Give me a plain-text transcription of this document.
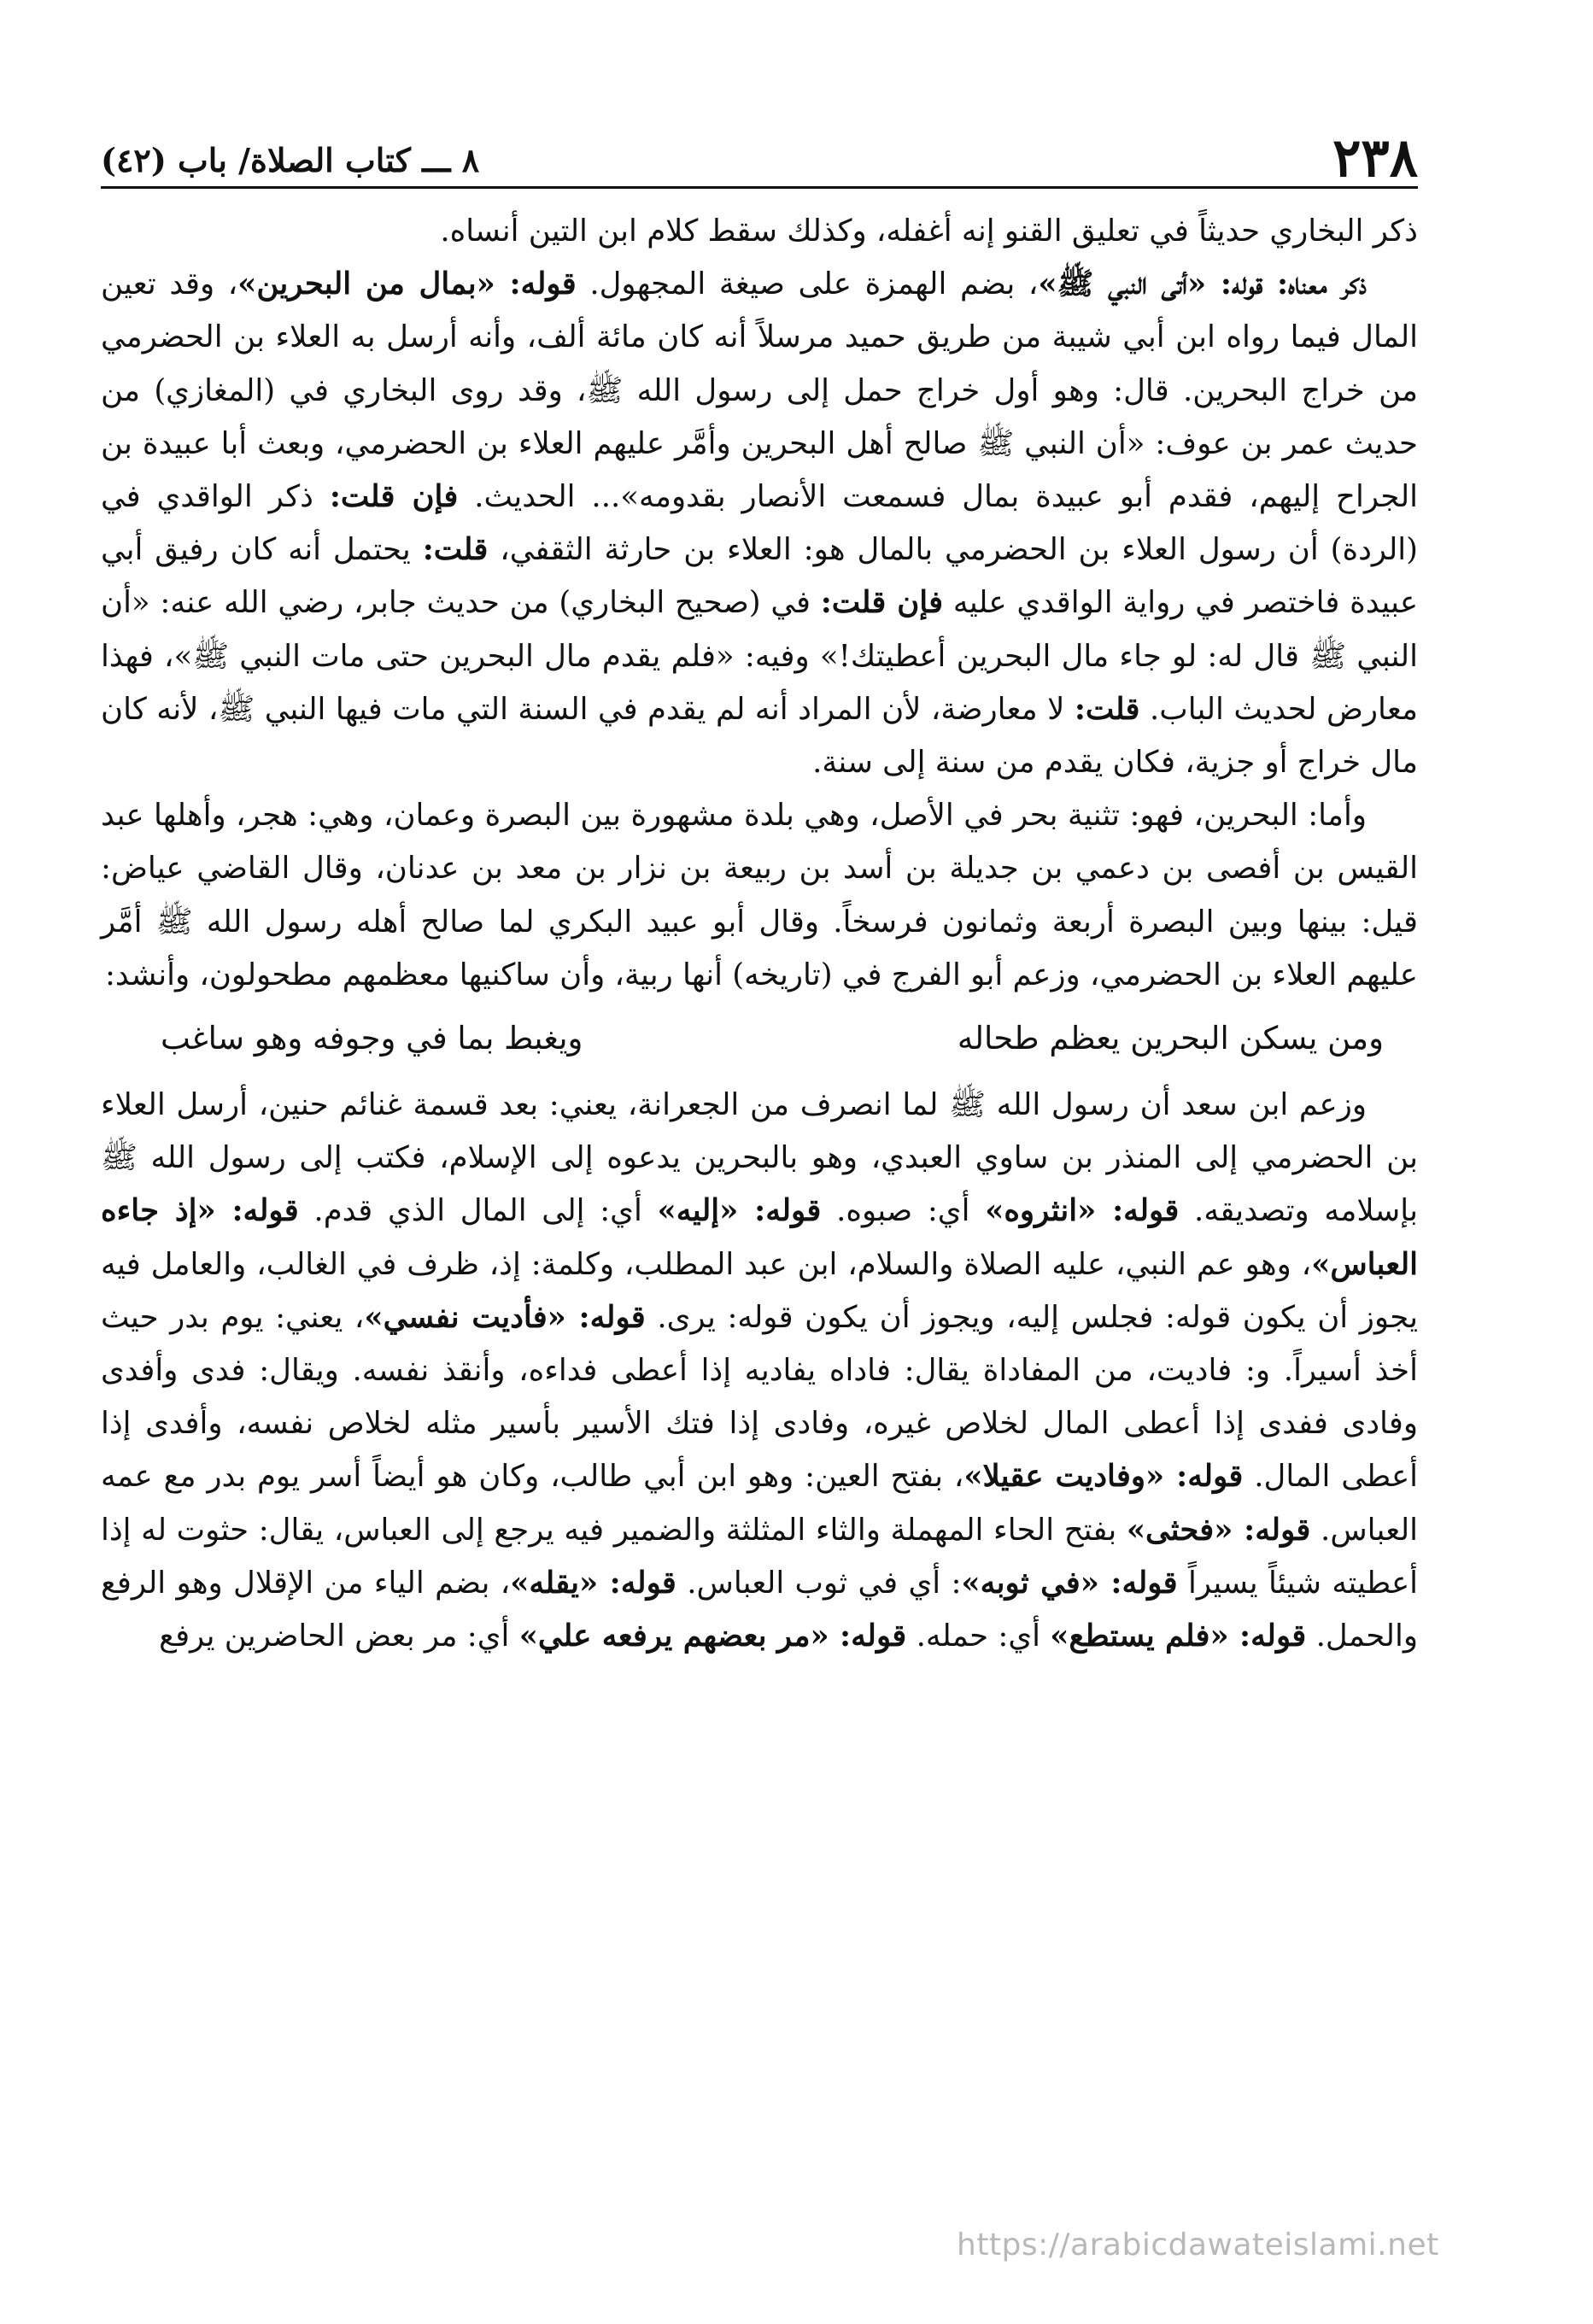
٢٣٨
٨ ـــ كتاب الصلاة/ باب (٤٢)

ذكر البخاري حديثاً في تعليق القنو إنه أغفله، وكذلك سقط كلام ابن التين أنساه.

ذكر معناه: قوله: «أتى النبي ﷺ»، بضم الهمزة على صيغة المجهول. قوله: «بمال من البحرين»، وقد تعين المال فيما رواه ابن أبي شيبة من طريق حميد مرسلاً أنه كان مائة ألف، وأنه أرسل به العلاء بن الحضرمي من خراج البحرين. قال: وهو أول خراج حمل إلى رسول الله ﷺ، وقد روى البخاري في (المغازي) من حديث عمر بن عوف: «أن النبي ﷺ صالح أهل البحرين وأمَّر عليهم العلاء بن الحضرمي، وبعث أبا عبيدة بن الجراح إليهم، فقدم أبو عبيدة بمال فسمعت الأنصار بقدومه»... الحديث. فإن قلت: ذكر الواقدي في (الردة) أن رسول العلاء بن الحضرمي بالمال هو: العلاء بن حارثة الثقفي، قلت: يحتمل أنه كان رفيق أبي عبيدة فاختصر في رواية الواقدي عليه فإن قلت: في (صحيح البخاري) من حديث جابر، رضي الله عنه: «أن النبي ﷺ قال له: لو جاء مال البحرين أعطيتك!» وفيه: «فلم يقدم مال البحرين حتى مات النبي ﷺ»، فهذا معارض لحديث الباب. قلت: لا معارضة، لأن المراد أنه لم يقدم في السنة التي مات فيها النبي ﷺ، لأنه كان مال خراج أو جزية، فكان يقدم من سنة إلى سنة.

وأما: البحرين، فهو: تثنية بحر في الأصل، وهي بلدة مشهورة بين البصرة وعمان، وهي: هجر، وأهلها عبد القيس بن أفصى بن دعمي بن جديلة بن أسد بن ربيعة بن نزار بن معد بن عدنان، وقال القاضي عياض: قيل: بينها وبين البصرة أربعة وثمانون فرسخاً. وقال أبو عبيد البكري لما صالح أهله رسول الله ﷺ أمَّر عليهم العلاء بن الحضرمي، وزعم أبو الفرج في (تاريخه) أنها ربية، وأن ساكنيها معظمهم مطحولون، وأنشد:

ومن يسكن البحرين يعظم طحاله
ويغبط بما في وجوفه وهو ساغب

وزعم ابن سعد أن رسول الله ﷺ لما انصرف من الجعرانة، يعني: بعد قسمة غنائم حنين، أرسل العلاء بن الحضرمي إلى المنذر بن ساوي العبدي، وهو بالبحرين يدعوه إلى الإسلام، فكتب إلى رسول الله ﷺ بإسلامه وتصديقه. قوله: «انثروه» أي: صبوه. قوله: «إليه» أي: إلى المال الذي قدم. قوله: «إذ جاءه العباس»، وهو عم النبي، عليه الصلاة والسلام، ابن عبد المطلب، وكلمة: إذ، ظرف في الغالب، والعامل فيه يجوز أن يكون قوله: فجلس إليه، ويجوز أن يكون قوله: يرى. قوله: «فأديت نفسي»، يعني: يوم بدر حيث أخذ أسيراً. و: فاديت، من المفاداة يقال: فاداه يفاديه إذا أعطى فداءه، وأنقذ نفسه. ويقال: فدى وأفدى وفادى ففدى إذا أعطى المال لخلاص غيره، وفادى إذا فتك الأسير بأسير مثله لخلاص نفسه، وأفدى إذا أعطى المال. قوله: «وفاديت عقيلا»، بفتح العين: وهو ابن أبي طالب، وكان هو أيضاً أسر يوم بدر مع عمه العباس. قوله: «فحثى» بفتح الحاء المهملة والثاء المثلثة والضمير فيه يرجع إلى العباس، يقال: حثوت له إذا أعطيته شيئاً يسيراً قوله: «في ثوبه»: أي في ثوب العباس. قوله: «يقله»، بضم الياء من الإقلال وهو الرفع والحمل. قوله: «فلم يستطع» أي: حمله. قوله: «مر بعضهم يرفعه علي» أي: مر بعض الحاضرين يرفع

https://arabicdawateislami.net
